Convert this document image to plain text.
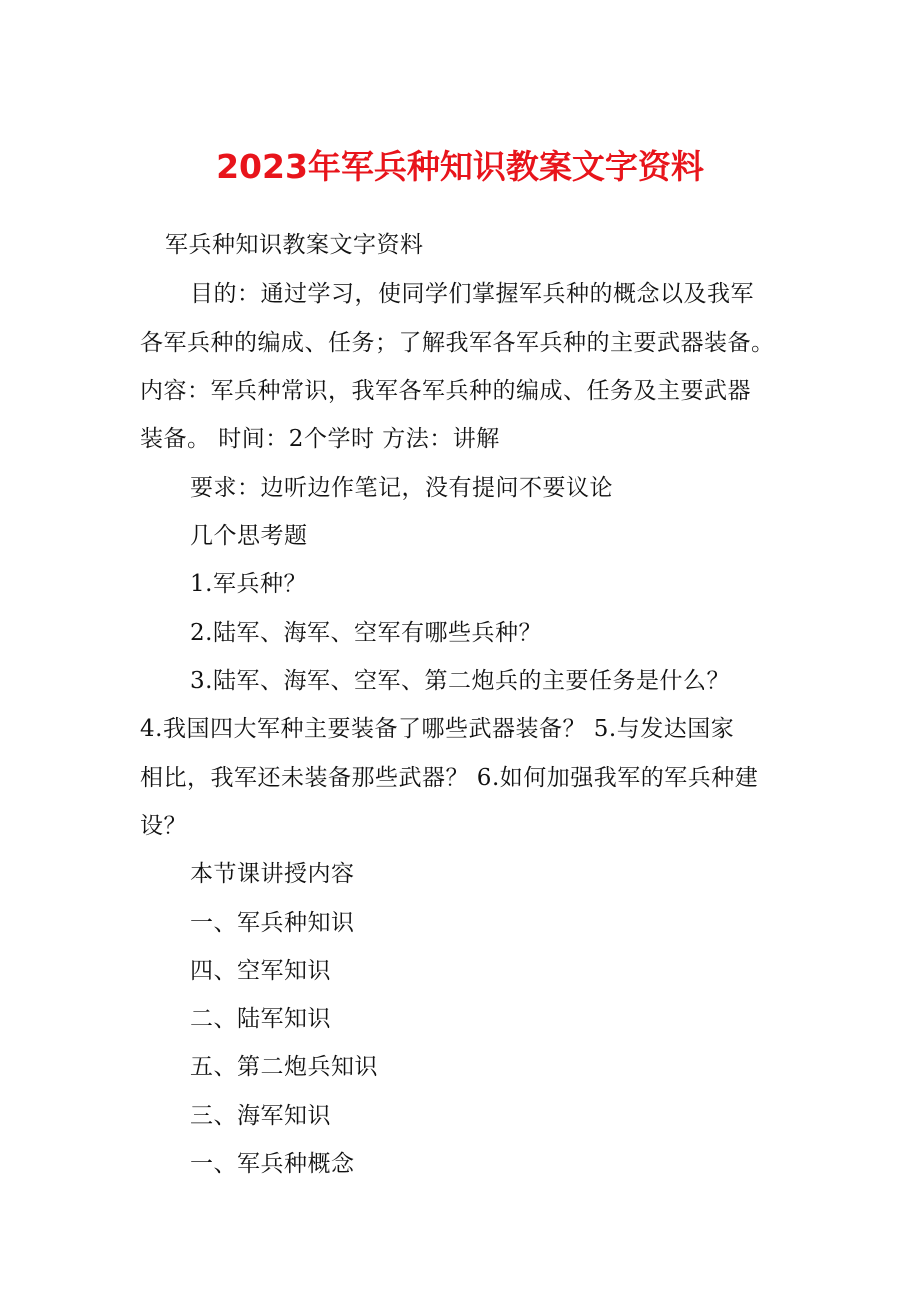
2023年军兵种知识教案文字资料
军兵种知识教案文字资料
目的：通过学习，使同学们掌握军兵种的概念以及我军
各军兵种的编成、任务；了解我军各军兵种的主要武器装备。
内容：军兵种常识，我军各军兵种的编成、任务及主要武器
装备。 时间：2个学时 方法：讲解
要求：边听边作笔记，没有提问不要议论
几个思考题
1.军兵种？
2.陆军、海军、空军有哪些兵种？
3.陆军、海军、空军、第二炮兵的主要任务是什么？
4.我国四大军种主要装备了哪些武器装备？ 5.与发达国家
相比，我军还未装备那些武器？ 6.如何加强我军的军兵种建
设？
本节课讲授内容
一、军兵种知识
四、空军知识
二、陆军知识
五、第二炮兵知识
三、海军知识
一、军兵种概念
